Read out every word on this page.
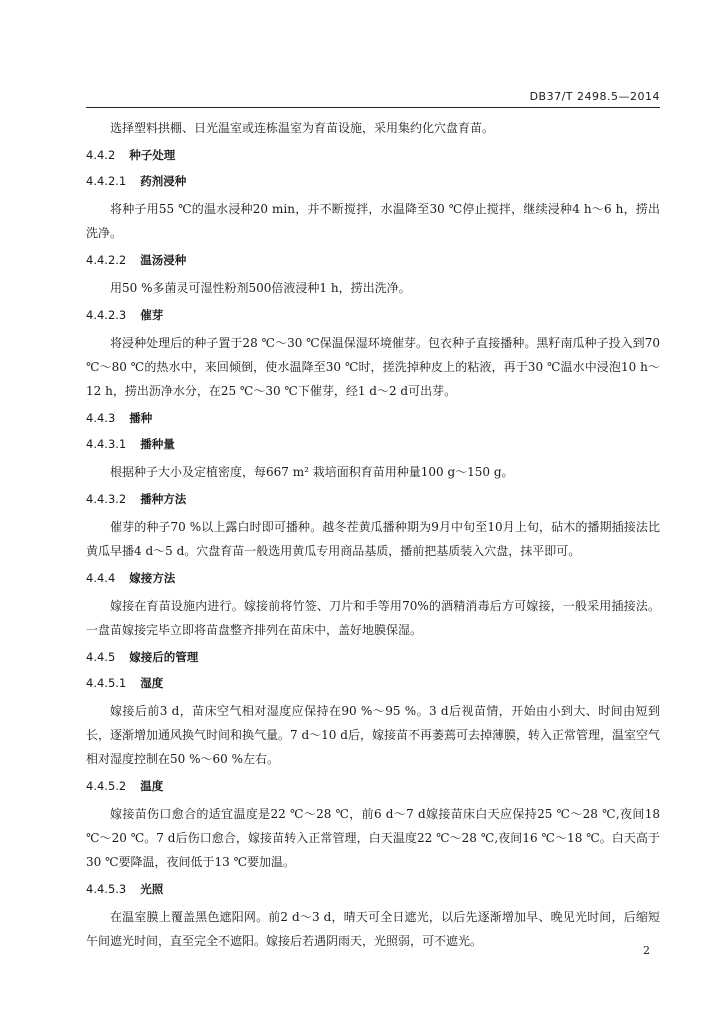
DB37/T 2498.5—2014

选择塑料拱棚、日光温室或连栋温室为育苗设施，采用集约化穴盘育苗。

4.4.2 种子处理
4.4.2.1 药剂浸种

将种子用55 ℃的温水浸种20 min，并不断搅拌，水温降至30 ℃停止搅拌，继续浸种4 h～6 h，捞出洗净。

4.4.2.2 温汤浸种

用50 %多菌灵可湿性粉剂500倍液浸种1 h，捞出洗净。

4.4.2.3 催芽

将浸种处理后的种子置于28 ℃～30 ℃保温保湿环境催芽。包衣种子直接播种。黑籽南瓜种子投入到70 ℃～80 ℃的热水中，来回倾倒，使水温降至30 ℃时，搓洗掉种皮上的粘液，再于30 ℃温水中浸泡10 h～12 h，捞出沥净水分，在25 ℃～30 ℃下催芽，经1 d～2 d可出芽。

4.4.3 播种
4.4.3.1 播种量

根据种子大小及定植密度，每667 m² 栽培面积育苗用种量100 g～150 g。

4.4.3.2 播种方法

催芽的种子70 %以上露白时即可播种。越冬茬黄瓜播种期为9月中旬至10月上旬，砧木的播期插接法比黄瓜早播4 d～5 d。穴盘育苗一般选用黄瓜专用商品基质，播前把基质装入穴盘，抹平即可。

4.4.4 嫁接方法

嫁接在育苗设施内进行。嫁接前将竹签、刀片和手等用70%的酒精消毒后方可嫁接，一般采用插接法。一盘苗嫁接完毕立即将苗盘整齐排列在苗床中，盖好地膜保湿。

4.4.5 嫁接后的管理
4.4.5.1 湿度

嫁接后前3 d，苗床空气相对湿度应保持在90 %～95 %。3 d后视苗情，开始由小到大、时间由短到长，逐渐增加通风换气时间和换气量。7 d～10 d后，嫁接苗不再萎蔫可去掉薄膜，转入正常管理，温室空气相对湿度控制在50 %～60 %左右。

4.4.5.2 温度

嫁接苗伤口愈合的适宜温度是22 ℃～28 ℃，前6 d～7 d嫁接苗床白天应保持25 ℃～28 ℃,夜间18 ℃～20 ℃。7 d后伤口愈合，嫁接苗转入正常管理，白天温度22 ℃～28 ℃,夜间16 ℃～18 ℃。白天高于30 ℃要降温，夜间低于13 ℃要加温。

4.4.5.3 光照

在温室膜上覆盖黑色遮阳网。前2 d～3 d，晴天可全日遮光，以后先逐渐增加早、晚见光时间，后缩短午间遮光时间，直至完全不遮阳。嫁接后若遇阴雨天，光照弱，可不遮光。

2
